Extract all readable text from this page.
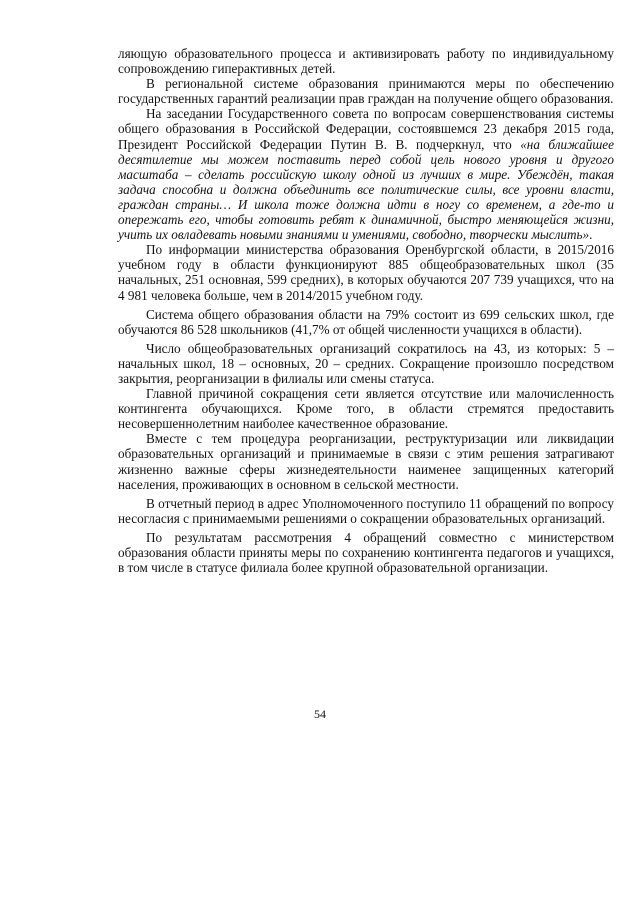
ляющую образовательного процесса и активизировать работу по индивидуальному сопровождению гиперактивных детей.

В региональной системе образования принимаются меры по обеспечению государственных гарантий реализации прав граждан на получение общего образования.

На заседании Государственного совета по вопросам совершенствования системы общего образования в Российской Федерации, состоявшемся 23 декабря 2015 года, Президент Российской Федерации Путин В. В. подчеркнул, что «на ближайшее десятилетие мы можем поставить перед собой цель нового уровня и другого масштаба – сделать российскую школу одной из лучших в мире. Убеждён, такая задача способна и должна объединить все политические силы, все уровни власти, граждан страны… И школа тоже должна идти в ногу со временем, а где-то и опережать его, чтобы готовить ребят к динамичной, быстро меняющейся жизни, учить их овладевать новыми знаниями и умениями, свободно, творчески мыслить».

По информации министерства образования Оренбургской области, в 2015/2016 учебном году в области функционируют 885 общеобразовательных школ (35 начальных, 251 основная, 599 средних), в которых обучаются 207 739 учащихся, что на 4 981 человека больше, чем в 2014/2015 учебном году.

Система общего образования области на 79% состоит из 699 сельских школ, где обучаются 86 528 школьников (41,7% от общей численности учащихся в области).

Число общеобразовательных организаций сократилось на 43, из которых: 5 – начальных школ, 18 – основных, 20 – средних. Сокращение произошло посредством закрытия, реорганизации в филиалы или смены статуса.

Главной причиной сокращения сети является отсутствие или малочисленность контингента обучающихся. Кроме того, в области стремятся предоставить несовершеннолетним наиболее качественное образование.

Вместе с тем процедура реорганизации, реструктуризации или ликвидации образовательных организаций и принимаемые в связи с этим решения затрагивают жизненно важные сферы жизнедеятельности наименее защищенных категорий населения, проживающих в основном в сельской местности.

В отчетный период в адрес Уполномоченного поступило 11 обращений по вопросу несогласия с принимаемыми решениями о сокращении образовательных организаций.

По результатам рассмотрения 4 обращений совместно с министерством образования области приняты меры по сохранению контингента педагогов и учащихся, в том числе в статусе филиала более крупной образовательной организации.

54
